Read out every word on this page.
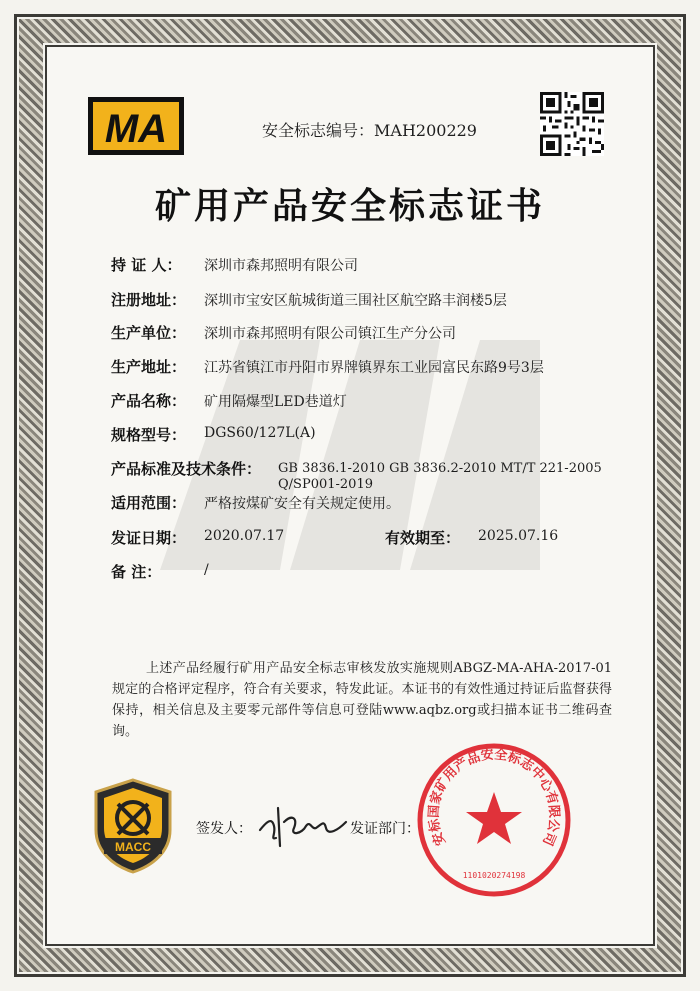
MA	安全标志编号：MAH200229
矿用产品安全标志证书
持 证 人： 深圳市森邦照明有限公司
注册地址： 深圳市宝安区航城街道三围社区航空路丰润楼5层
生产单位： 深圳市森邦照明有限公司镇江生产分公司
生产地址： 江苏省镇江市丹阳市界牌镇界东工业园富民东路9号3层
产品名称： 矿用隔爆型LED巷道灯
规格型号： DGS60/127L(A)
产品标准及技术条件： GB 3836.1-2010 GB 3836.2-2010 MT/T 221-2005 Q/SP001-2019
适用范围： 严格按煤矿安全有关规定使用。
发证日期： 2020.07.17	有效期至： 2025.07.16
备 注：	/
上述产品经履行矿用产品安全标志审核发放实施规则ABGZ-MA-AHA-2017-01规定的合格评定程序，符合有关要求，特发此证。本证书的有效性通过持证后监督获得保持，相关信息及主要零元部件等信息可登陆www.aqbz.org或扫描本证书二维码查询。
MACC
签发人：	发证部门：
安标国家矿用产品安全标志中心有限公司
1101020274198
